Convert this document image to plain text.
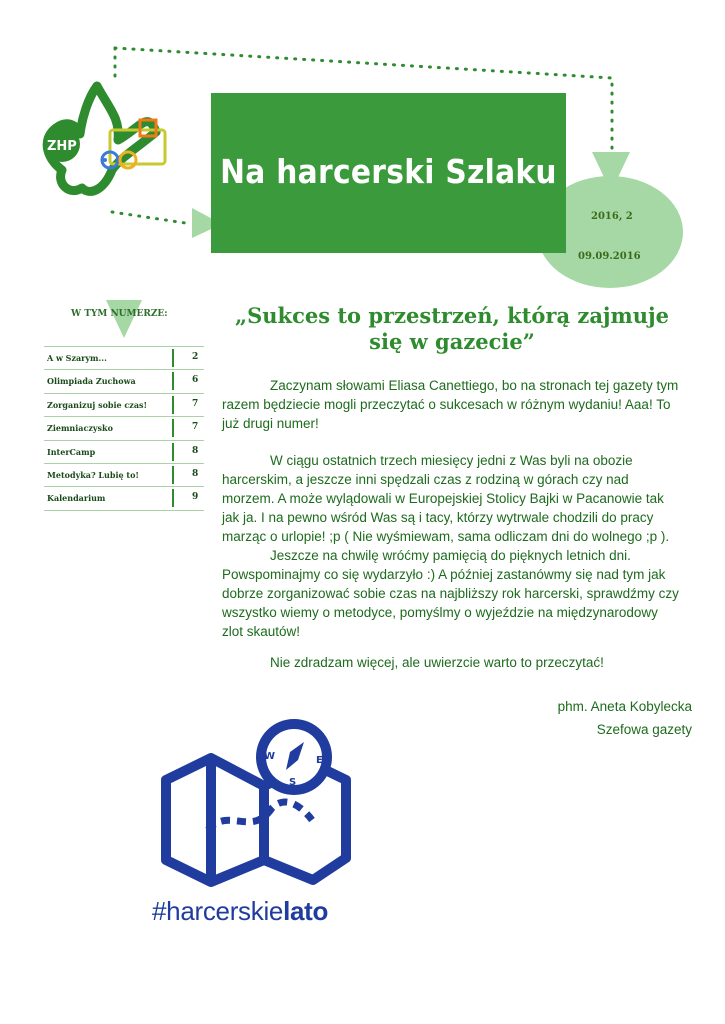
ZHP
W
S
E
Na harcerski Szlaku
2016, 2
09.09.2016
W TYM NUMERZE:
A w Szarym...	2
Olimpiada Zuchowa	6
Zorganizuj sobie czas!	7
Ziemniaczysko	7
InterCamp	8
Metodyka? Lubię to!	8
Kalendarium	9
„Sukces to przestrzeń, którą zajmuje się w gazecie”

Zaczynam słowami Eliasa Canettiego, bo na stronach tej gazety tym razem będziecie mogli przeczytać o sukcesach w różnym wydaniu! Aaa! To już drugi numer!

W ciągu ostatnich trzech miesięcy jedni z Was byli na obozie harcerskim, a jeszcze inni spędzali czas z rodziną w górach czy nad morzem. A może wylądowali w Europejskiej Stolicy Bajki w Pacanowie tak jak ja. I na pewno wśród Was są i tacy, którzy wytrwale chodzili do pracy marząc o urlopie! ;p ( Nie wyśmiewam, sama odliczam dni do wolnego ;p ).

Jeszcze na chwilę wróćmy pamięcią do pięknych letnich dni. Powspominajmy co się wydarzyło :) A później zastanówmy się nad tym jak dobrze zorganizować sobie czas na najbliższy rok harcerski, sprawdźmy czy wszystko wiemy o metodyce, pomyślmy o wyjeździe na międzynarodowy zlot skautów!

Nie zdradzam więcej, ale uwierzcie warto to przeczytać!

phm. Aneta Kobylecka
Szefowa gazety
#harcerskielato
